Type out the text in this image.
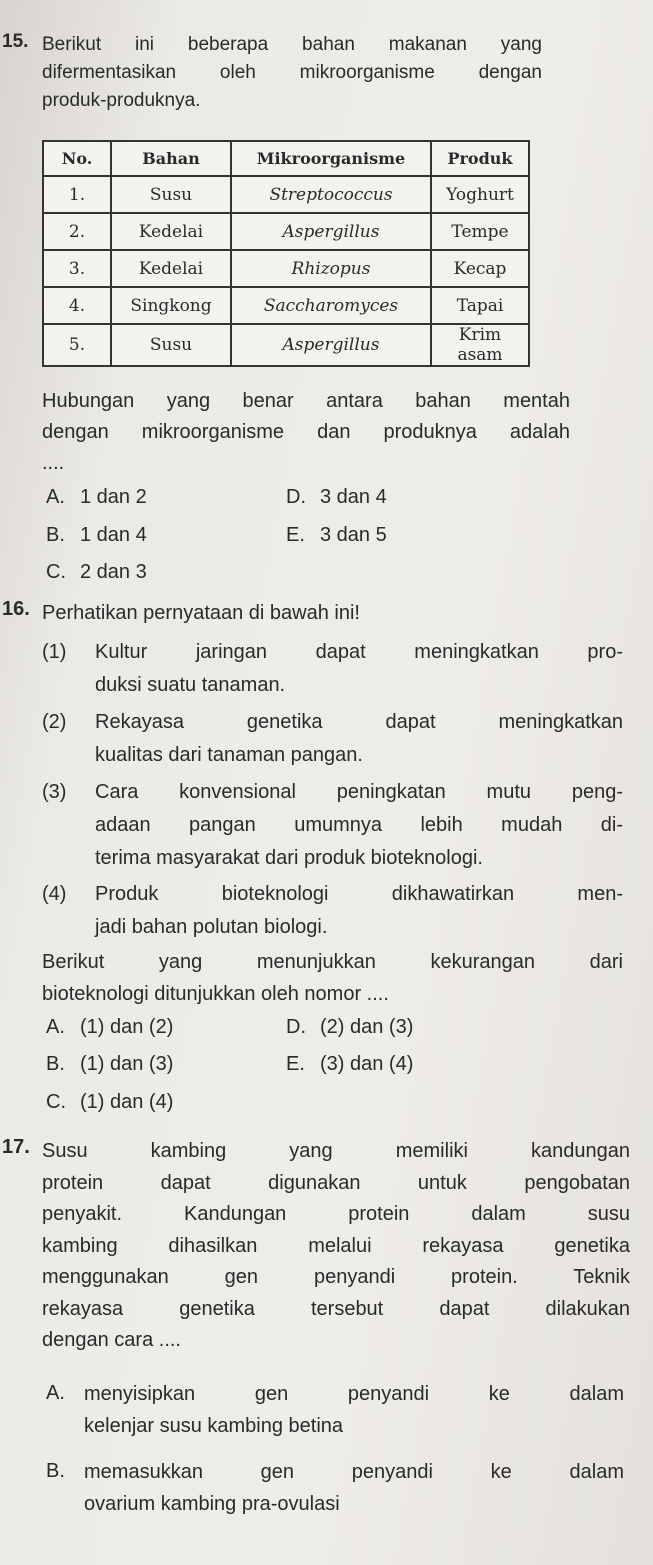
15. Berikut ini beberapa bahan makanan yang
difermentasikan oleh mikroorganisme dengan
produk-produknya.
No.	Bahan	Mikroorganisme	Produk
1.	Susu	Streptococcus	Yoghurt
2.	Kedelai	Aspergillus	Tempe
3.	Kedelai	Rhizopus	Kecap
4.	Singkong	Saccharomyces	Tapai
5.	Susu	Aspergillus	Krim asam
Hubungan yang benar antara bahan mentah
dengan mikroorganisme dan produknya adalah
....
A. 1 dan 2	D. 3 dan 4
B. 1 dan 4	E. 3 dan 5
C. 2 dan 3
16. Perhatikan pernyataan di bawah ini!
(1) Kultur jaringan dapat meningkatkan pro-
duksi suatu tanaman.
(2) Rekayasa genetika dapat meningkatkan
kualitas dari tanaman pangan.
(3) Cara konvensional peningkatan mutu peng-
adaan pangan umumnya lebih mudah di-
terima masyarakat dari produk bioteknologi.
(4) Produk bioteknologi dikhawatirkan men-
jadi bahan polutan biologi.
Berikut yang menunjukkan kekurangan dari
bioteknologi ditunjukkan oleh nomor ....
A. (1) dan (2)	D. (2) dan (3)
B. (1) dan (3)	E. (3) dan (4)
C. (1) dan (4)
17. Susu kambing yang memiliki kandungan
protein dapat digunakan untuk pengobatan
penyakit. Kandungan protein dalam susu
kambing dihasilkan melalui rekayasa genetika
menggunakan gen penyandi protein. Teknik
rekayasa genetika tersebut dapat dilakukan
dengan cara ....
A. menyisipkan gen penyandi ke dalam
kelenjar susu kambing betina
B. memasukkan gen penyandi ke dalam
ovarium kambing pra-ovulasi
